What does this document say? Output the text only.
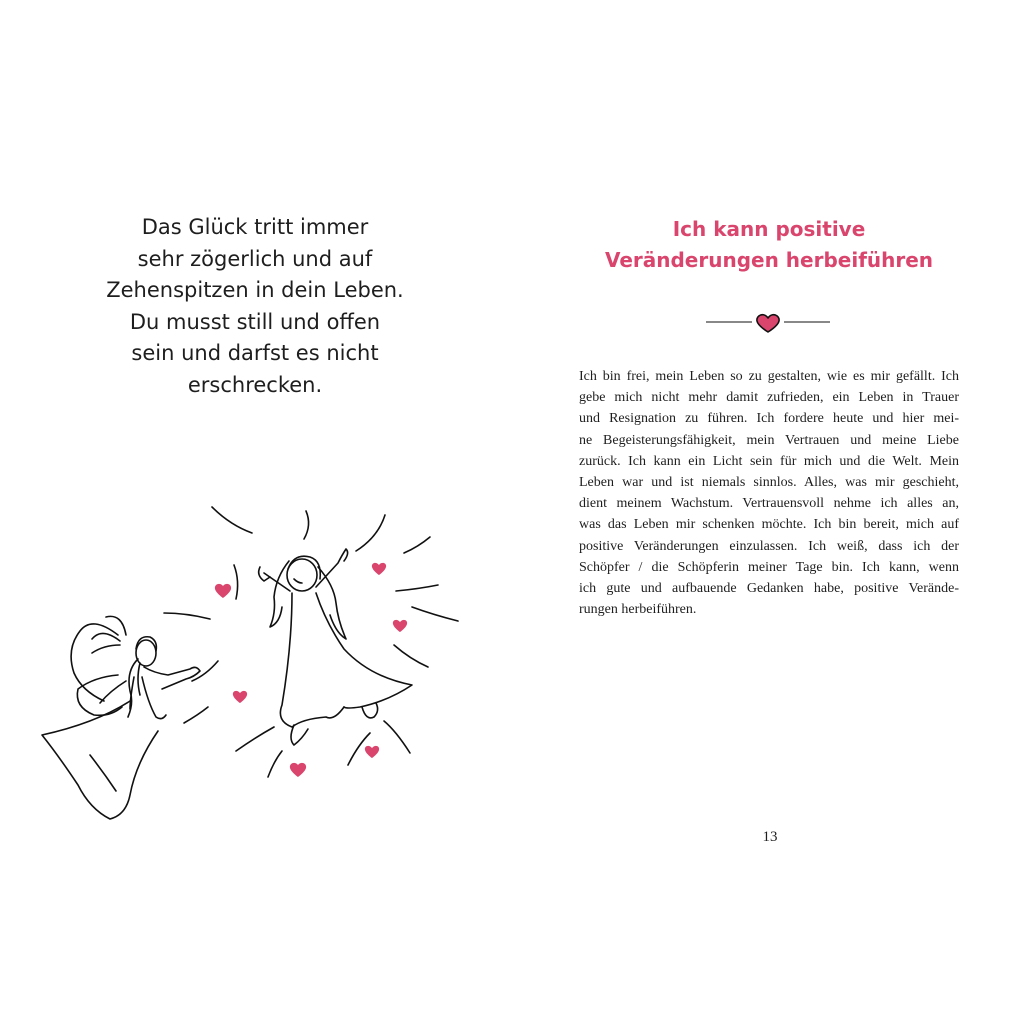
Das Glück tritt immer
sehr zögerlich und auf
Zehenspitzen in dein Leben.
Du musst still und offen
sein und darfst es nicht
erschrecken.
Ich kann positive
Veränderungen herbeiführen
Ich bin frei, mein Leben so zu gestalten, wie es mir gefällt. Ich
gebe mich nicht mehr damit zufrieden, ein Leben in Trauer
und Resignation zu führen. Ich fordere heute und hier mei-
ne Begeisterungsfähigkeit, mein Vertrauen und meine Liebe
zurück. Ich kann ein Licht sein für mich und die Welt. Mein
Leben war und ist niemals sinnlos. Alles, was mir geschieht,
dient meinem Wachstum. Vertrauensvoll nehme ich alles an,
was das Leben mir schenken möchte. Ich bin bereit, mich auf
positive Veränderungen einzulassen. Ich weiß, dass ich der
Schöpfer / die Schöpferin meiner Tage bin. Ich kann, wenn
ich gute und aufbauende Gedanken habe, positive Verände-
rungen herbeiführen.
13
